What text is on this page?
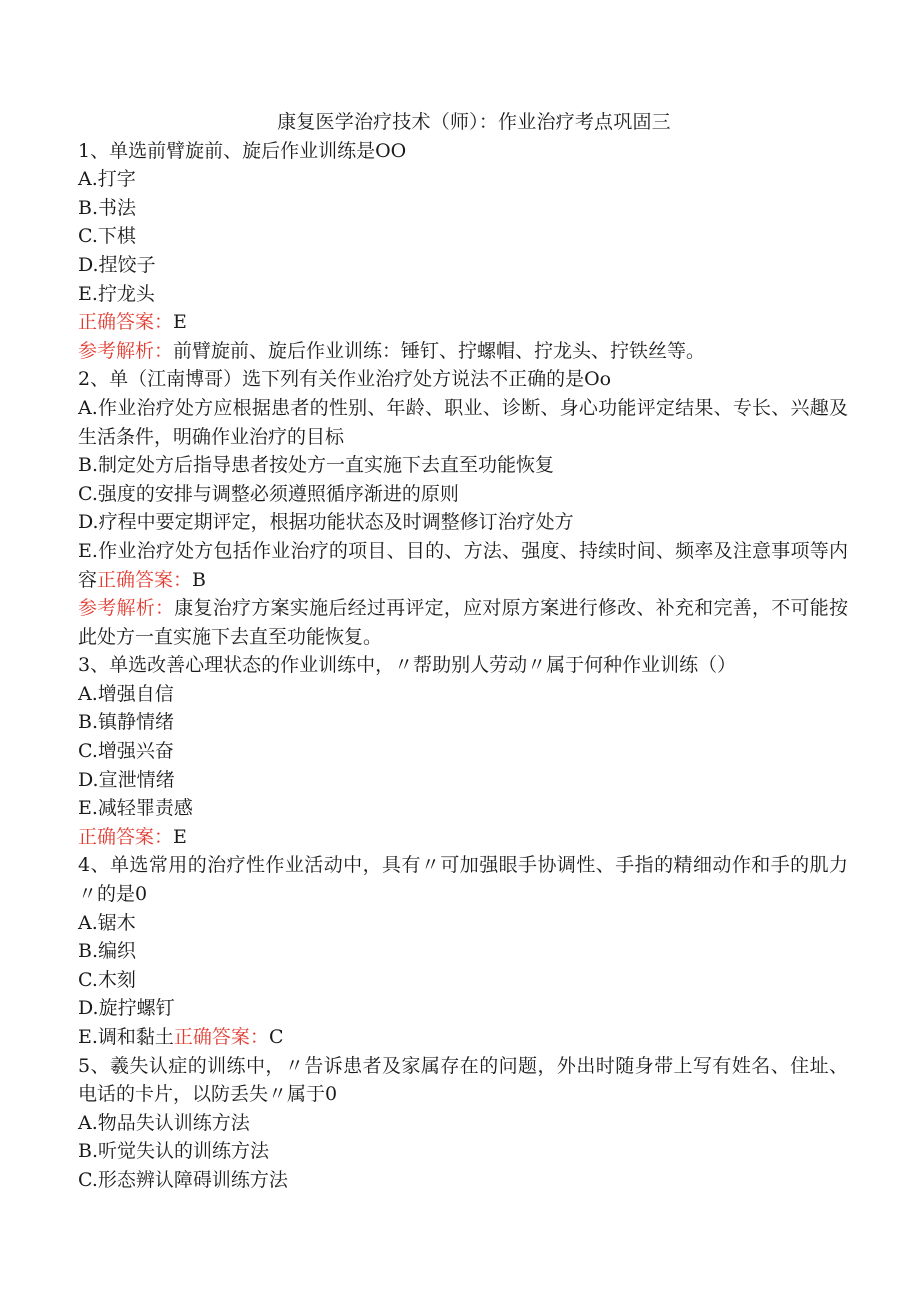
康复医学治疗技术（师）：作业治疗考点巩固三
1、单选前臂旋前、旋后作业训练是OO
A.打字
B.书法
C.下棋
D.捏饺子
E.拧龙头
正确答案：E
参考解析：前臂旋前、旋后作业训练：锤钉、拧螺帽、拧龙头、拧铁丝等。
2、单（江南博哥）选下列有关作业治疗处方说法不正确的是Oo
A.作业治疗处方应根据患者的性别、年龄、职业、诊断、身心功能评定结果、专长、兴趣及生活条件，明确作业治疗的目标
B.制定处方后指导患者按处方一直实施下去直至功能恢复
C.强度的安排与调整必须遵照循序渐进的原则
D.疗程中要定期评定，根据功能状态及时调整修订治疗处方
E.作业治疗处方包括作业治疗的项目、目的、方法、强度、持续时间、频率及注意事项等内容正确答案：B
参考解析：康复治疗方案实施后经过再评定，应对原方案进行修改、补充和完善，不可能按此处方一直实施下去直至功能恢复。
3、单选改善心理状态的作业训练中，〃帮助别人劳动〃属于何种作业训练（）
A.增强自信
B.镇静情绪
C.增强兴奋
D.宣泄情绪
E.减轻罪责感
正确答案：E
4、单选常用的治疗性作业活动中，具有〃可加强眼手协调性、手指的精细动作和手的肌力〃的是0
A.锯木
B.编织
C.木刻
D.旋拧螺钉
E.调和黏土正确答案：C
5、羲失认症的训练中，〃告诉患者及家属存在的问题，外出时随身带上写有姓名、住址、电话的卡片，以防丢失〃属于0
A.物品失认训练方法
B.听觉失认的训练方法
C.形态辨认障碍训练方法
